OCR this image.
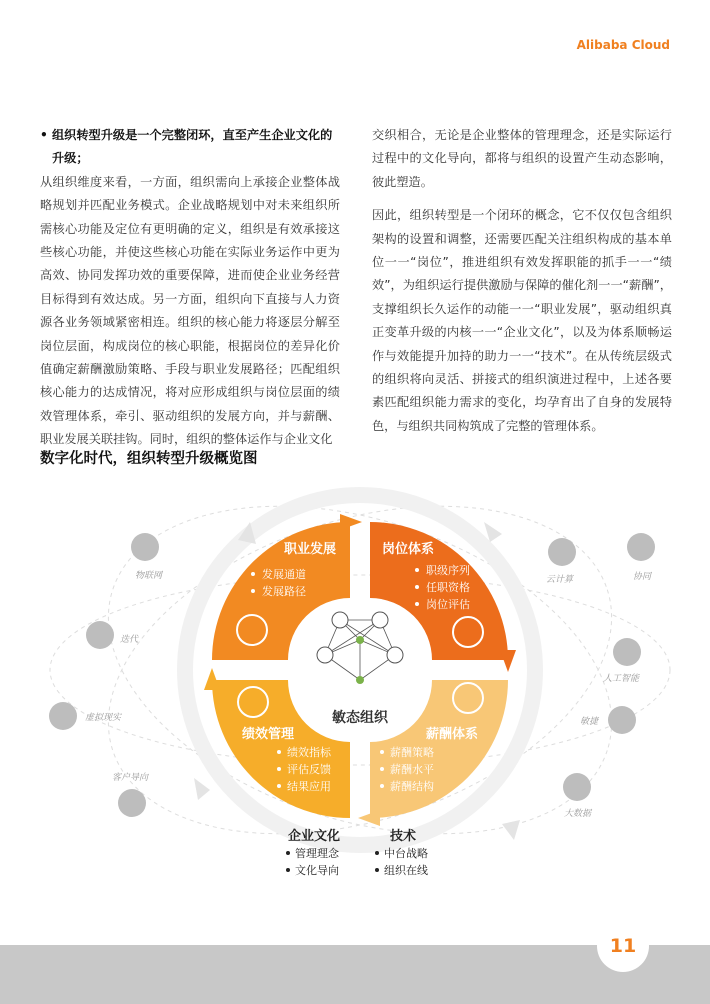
Alibaba Cloud
• 组织转型升级是一个完整闭环，直至产生企业文化的
升级；

从组织维度来看，一方面，组织需向上承接企业整体战略规划并匹配业务模式。企业战略规划中对未来组织所需核心功能及定位有更明确的定义，组织是有效承接这些核心功能，并使这些核心功能在实际业务运作中更为高效、协同发挥功效的重要保障，进而使企业业务经营目标得到有效达成。另一方面，组织向下直接与人力资源各业务领域紧密相连。组织的核心能力将逐层分解至岗位层面，构成岗位的核心职能，根据岗位的差异化价值确定薪酬激励策略、手段与职业发展路径；匹配组织核心能力的达成情况，将对应形成组织与岗位层面的绩效管理体系，牵引、驱动组织的发展方向，并与薪酬、职业发展关联挂钩。同时，组织的整体运作与企业文化

交织相合，无论是企业整体的管理理念，还是实际运行过程中的文化导向，都将与组织的设置产生动态影响，彼此塑造。

因此，组织转型是一个闭环的概念，它不仅仅包含组织架构的设置和调整，还需要匹配关注组织构成的基本单位一一“岗位”，推进组织有效发挥职能的抓手一一“绩效”，为组织运行提供激励与保障的催化剂一一“薪酬”，支撑组织长久运作的动能一一“职业发展”，驱动组织真正变革升级的内核一一“企业文化”，以及为体系顺畅运作与效能提升加持的助力一一“技术”。在从传统层级式的组织将向灵活、拼接式的组织演进过程中，上述各要素匹配组织能力需求的变化，均孕育出了自身的发展特色，与组织共同构筑成了完整的管理体系。

数字化时代，组织转型升级概览图
敏态组织
职业发展
发展通道
发展路径
岗位体系
职级序列
任职资格
岗位评估
绩效管理
绩效指标
评估反馈
结果应用
薪酬体系
薪酬策略
薪酬水平
薪酬结构
企业文化
管理理念
文化导向
技术
中台战略
组织在线
物联网
迭代
虚拟现实
客户导向
云计算	协同
人工智能
敏捷
大数据
11
